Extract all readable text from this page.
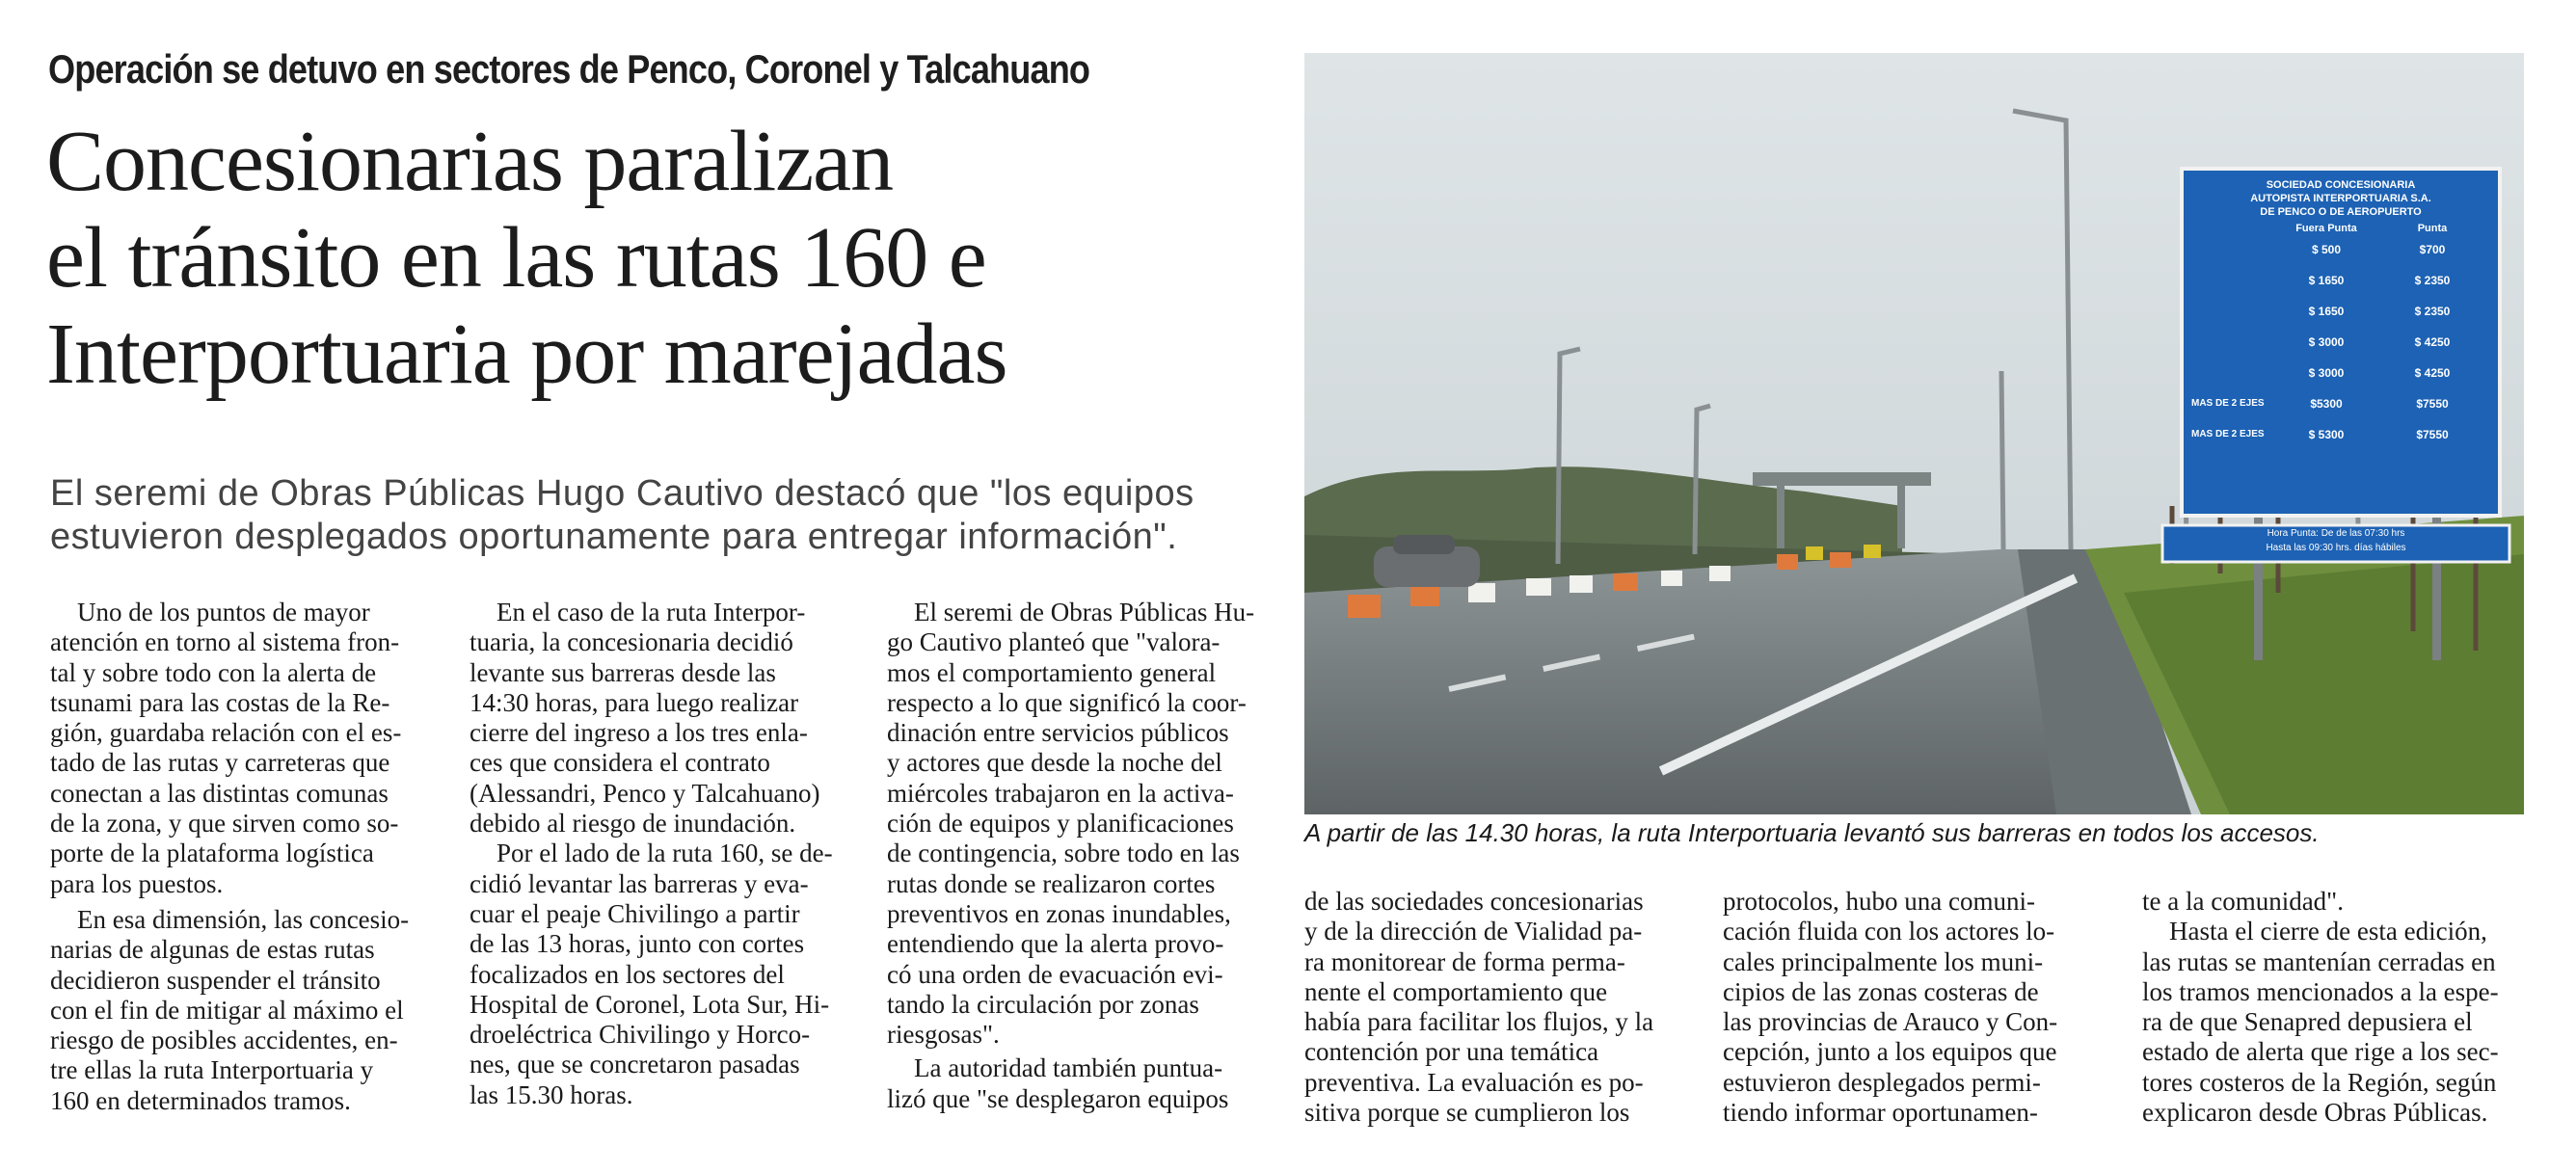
Operación se detuvo en sectores de Penco, Coronel y Talcahuano
Concesionarias paralizan
el tránsito en las rutas 160 e
Interportuaria por marejadas
El seremi de Obras Públicas Hugo Cautivo destacó que "los equipos
estuvieron desplegados oportunamente para entregar información".

Uno de los puntos de mayor
atención en torno al sistema fron-
tal y sobre todo con la alerta de
tsunami para las costas de la Re-
gión, guardaba relación con el es-
tado de las rutas y carreteras que
conectan a las distintas comunas
de la zona, y que sirven como so-
porte de la plataforma logística
para los puestos.

En esa dimensión, las concesio-
narias de algunas de estas rutas
decidieron suspender el tránsito
con el fin de mitigar al máximo el
riesgo de posibles accidentes, en-
tre ellas la ruta Interportuaria y
160 en determinados tramos.

En el caso de la ruta Interpor-
tuaria, la concesionaria decidió
levante sus barreras desde las
14:30 horas, para luego realizar
cierre del ingreso a los tres enla-
ces que considera el contrato
(Alessandri, Penco y Talcahuano)
debido al riesgo de inundación.

Por el lado de la ruta 160, se de-
cidió levantar las barreras y eva-
cuar el peaje Chivilingo a partir
de las 13 horas, junto con cortes
focalizados en los sectores del
Hospital de Coronel, Lota Sur, Hi-
droeléctrica Chivilingo y Horco-
nes, que se concretaron pasadas
las 15.30 horas.

El seremi de Obras Públicas Hu-
go Cautivo planteó que "valora-
mos el comportamiento general
respecto a lo que significó la coor-
dinación entre servicios públicos
y actores que desde la noche del
miércoles trabajaron en la activa-
ción de equipos y planificaciones
de contingencia, sobre todo en las
rutas donde se realizaron cortes
preventivos en zonas inundables,
entendiendo que la alerta provo-
có una orden de evacuación evi-
tando la circulación por zonas
riesgosas".

La autoridad también puntua-
lizó que "se desplegaron equipos

SOCIEDAD CONCESIONARIA
AUTOPISTA INTERPORTUARIA S.A.
DE PENCO O DE AEROPUERTO
Fuera Punta	Punta
$ 500	$700
$ 1650	$ 2350
$ 1650	$ 2350
$ 3000	$ 4250
$ 3000	$ 4250
MAS DE 2 EJES	$5300	$7550
MAS DE 2 EJES	$ 5300	$7550
Hora Punta: De de las 07:30 hrs
Hasta las 09:30 hrs. días hábiles
A partir de las 14.30 horas, la ruta Interportuaria levantó sus barreras en todos los accesos.

de las sociedades concesionarias
y de la dirección de Vialidad pa-
ra monitorear de forma perma-
nente el comportamiento que
había para facilitar los flujos, y la
contención por una temática
preventiva. La evaluación es po-
sitiva porque se cumplieron los

protocolos, hubo una comuni-
cación fluida con los actores lo-
cales principalmente los muni-
cipios de las zonas costeras de
las provincias de Arauco y Con-
cepción, junto a los equipos que
estuvieron desplegados permi-
tiendo informar oportunamen-

te a la comunidad".

Hasta el cierre de esta edición,
las rutas se mantenían cerradas en
los tramos mencionados a la espe-
ra de que Senapred depusiera el
estado de alerta que rige a los sec-
tores costeros de la Región, según
explicaron desde Obras Públicas.
